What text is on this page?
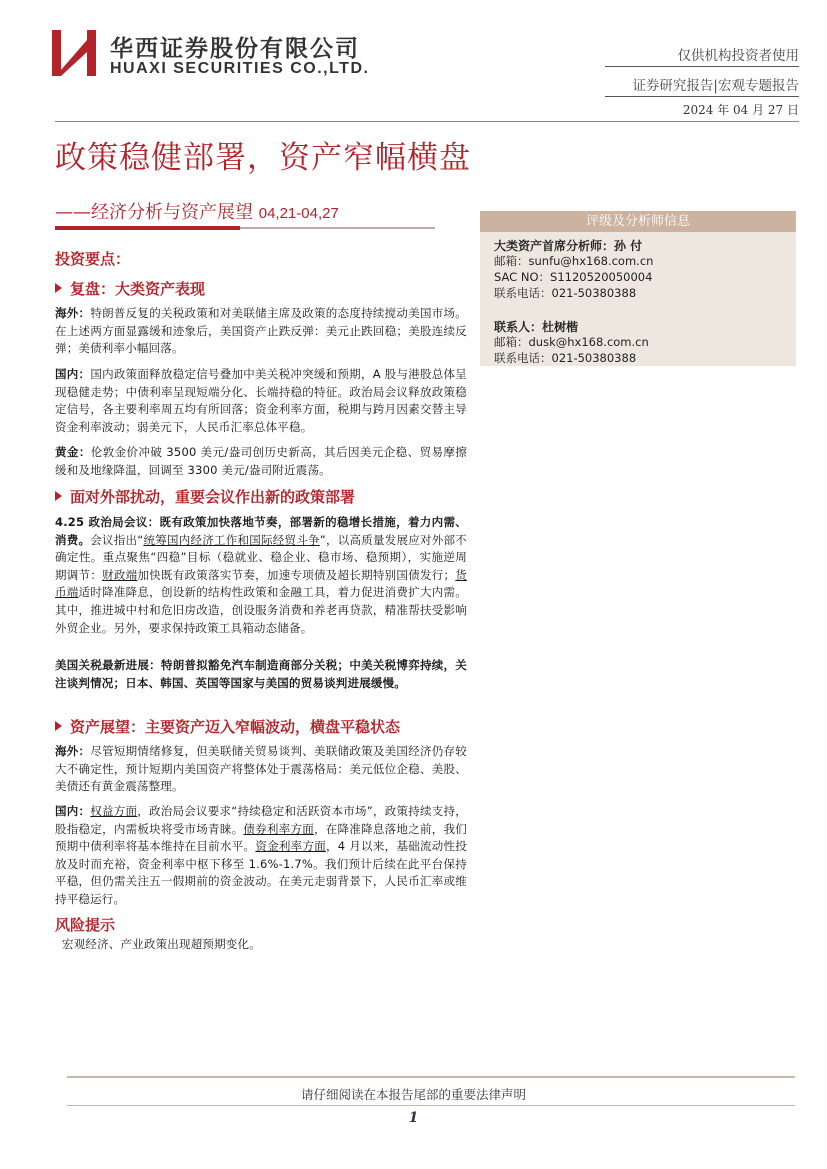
华西证券股份有限公司
HUAXI SECURITIES CO.,LTD.
仅供机构投资者使用
证券研究报告|宏观专题报告
2024 年 04 月 27 日
政策稳健部署，资产窄幅横盘
——经济分析与资产展望 04,21-04,27	评级及分析师信息
大类资产首席分析师：孙 付
邮箱：sunfu@hx168.com.cn
SAC NO：S1120520050004
联系电话：021-50380388
联系人：杜树楷
邮箱：dusk@hx168.com.cn
联系电话：021-50380388
投资要点：
复盘：大类资产表现
海外：特朗普反复的关税政策和对美联储主席及政策的态度持续搅动美国市场。在上述两方面显露缓和迹象后，美国资产止跌反弹：美元止跌回稳；美股连续反弹；美债利率小幅回落。
国内：国内政策面释放稳定信号叠加中美关税冲突缓和预期，A 股与港股总体呈现稳健走势；中债利率呈现短端分化、长端持稳的特征。政治局会议释放政策稳定信号，各主要利率周五均有所回落；资金利率方面，税期与跨月因素交替主导资金利率波动；弱美元下，人民币汇率总体平稳。
黄金：伦敦金价冲破 3500 美元/盎司创历史新高，其后因美元企稳、贸易摩擦缓和及地缘降温，回调至 3300 美元/盎司附近震荡。
面对外部扰动，重要会议作出新的政策部署
4.25 政治局会议：既有政策加快落地节奏，部署新的稳增长措施，着力内需、消费。会议指出“统筹国内经济工作和国际经贸斗争”，以高质量发展应对外部不确定性。重点聚焦“四稳”目标（稳就业、稳企业、稳市场、稳预期），实施逆周期调节：财政端加快既有政策落实节奏，加速专项债及超长期特别国债发行；货币端适时降准降息，创设新的结构性政策和金融工具，着力促进消费扩大内需。其中，推进城中村和危旧房改造，创设服务消费和养老再贷款，精准帮扶受影响外贸企业。另外，要求保持政策工具箱动态储备。
美国关税最新进展：特朗普拟豁免汽车制造商部分关税；中美关税博弈持续，关注谈判情况；日本、韩国、英国等国家与美国的贸易谈判进展缓慢。
资产展望：主要资产迈入窄幅波动，横盘平稳状态
海外：尽管短期情绪修复，但美联储关贸易谈判、美联储政策及美国经济仍存较大不确定性，预计短期内美国资产将整体处于震荡格局：美元低位企稳、美股、美债还有黄金震荡整理。
国内：权益方面，政治局会议要求“持续稳定和活跃资本市场”，政策持续支持，股指稳定，内需板块将受市场青睐。债券利率方面，在降准降息落地之前，我们预期中债利率将基本维持在目前水平。资金利率方面，4 月以来，基础流动性投放及时而充裕，资金利率中枢下移至 1.6%-1.7%。我们预计后续在此平台保持平稳，但仍需关注五一假期前的资金波动。在美元走弱背景下，人民币汇率或维持平稳运行。
风险提示
宏观经济、产业政策出现超预期变化。
请仔细阅读在本报告尾部的重要法律声明
1
